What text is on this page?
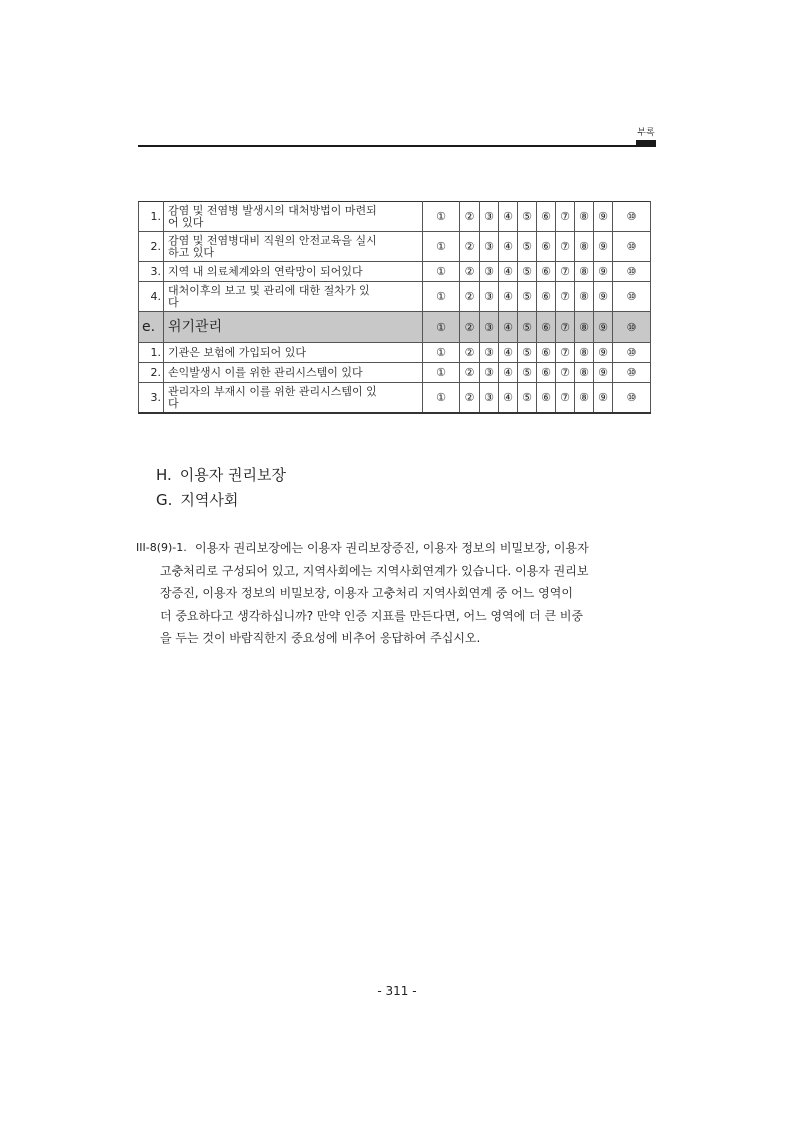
부록
1.	감염 및 전염병 발생시의 대처방법이 마련되
어 있다	①	②	③	④	⑤	⑥	⑦	⑧	⑨	⑩
2.	감염 및 전염병대비 직원의 안전교육을 실시
하고 있다	①	②	③	④	⑤	⑥	⑦	⑧	⑨	⑩
3.	지역 내 의료체계와의 연락망이 되어있다	①	②	③	④	⑤	⑥	⑦	⑧	⑨	⑩
4.	대처이후의 보고 및 관리에 대한 절차가 있
다	①	②	③	④	⑤	⑥	⑦	⑧	⑨	⑩
e.	위기관리	①	②	③	④	⑤	⑥	⑦	⑧	⑨	⑩
1.	기관은 보험에 가입되어 있다	①	②	③	④	⑤	⑥	⑦	⑧	⑨	⑩
2.	손익발생시 이를 위한 관리시스템이 있다	①	②	③	④	⑤	⑥	⑦	⑧	⑨	⑩
3.	관리자의 부재시 이를 위한 관리시스템이 있
다	①	②	③	④	⑤	⑥	⑦	⑧	⑨	⑩
H. 이용자 권리보장
G. 지역사회
III-8(9)-1. 이용자 권리보장에는 이용자 권리보장증진, 이용자 정보의 비밀보장, 이용자
고충처리로 구성되어 있고, 지역사회에는 지역사회연계가 있습니다. 이용자 권리보
장증진, 이용자 정보의 비밀보장, 이용자 고충처리 지역사회연계 중 어느 영역이
더 중요하다고 생각하십니까? 만약 인증 지표를 만든다면, 어느 영역에 더 큰 비중
을 두는 것이 바람직한지 중요성에 비추어 응답하여 주십시오.
- 311 -
